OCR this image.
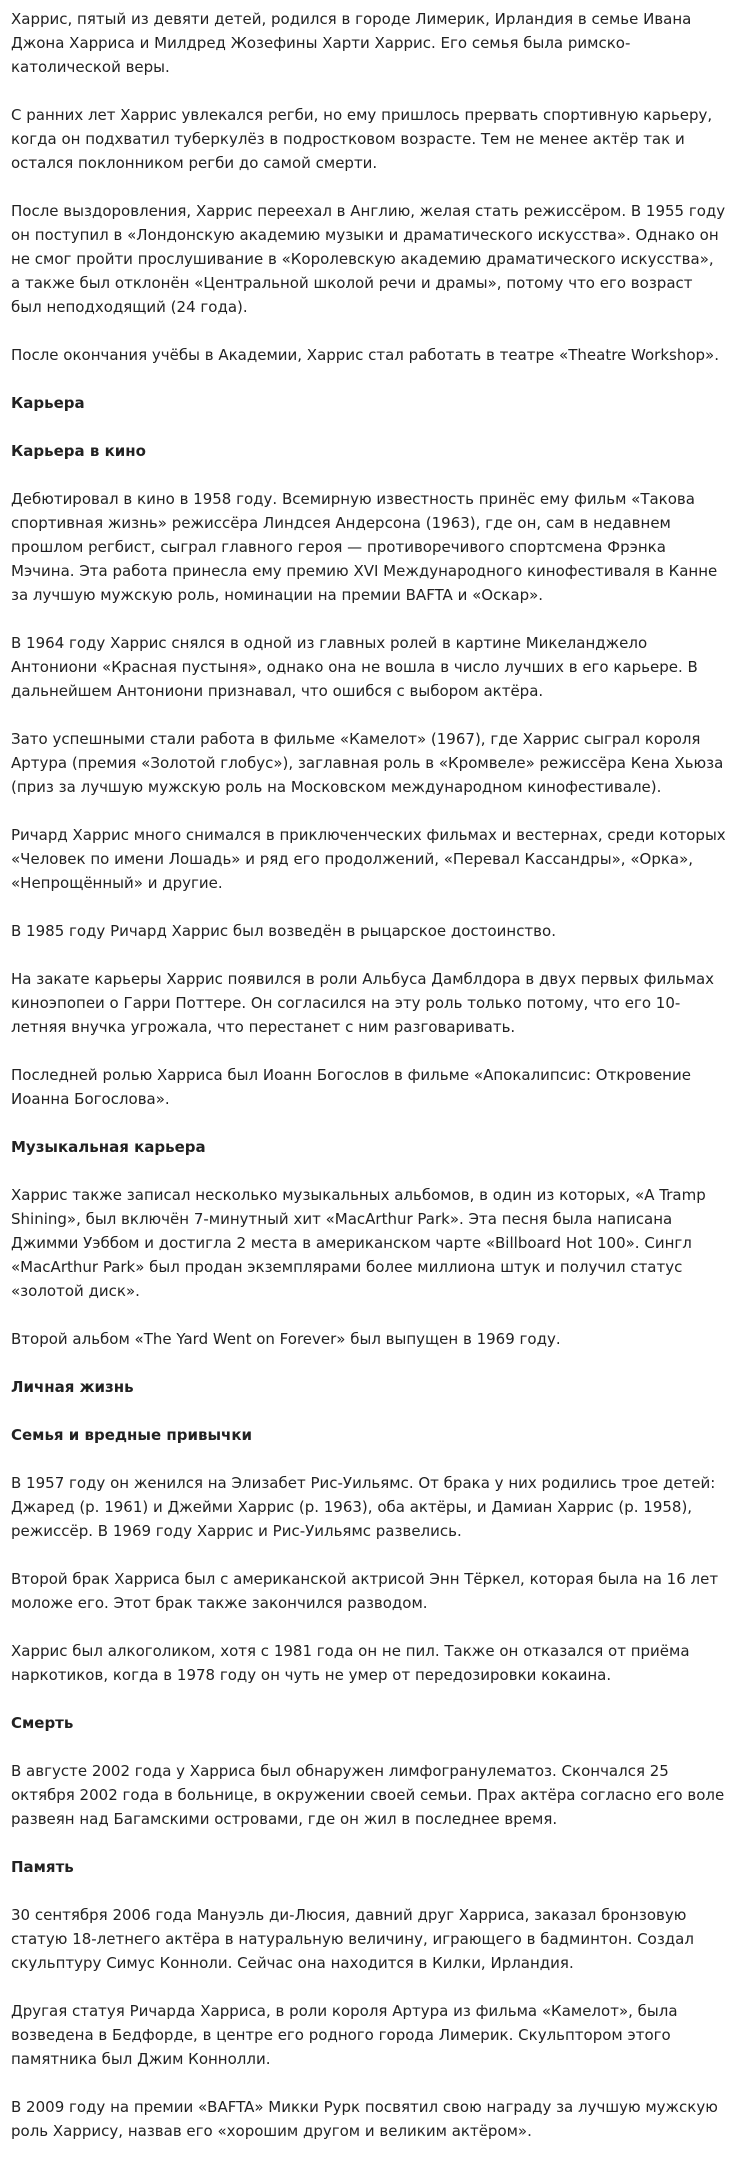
Харрис, пятый из девяти детей, родился в городе Лимерик, Ирландия в семье Ивана Джона Харриса и Милдред Жозефины Харти Харрис. Его семья была римско-католической веры.

С ранних лет Харрис увлекался регби, но ему пришлось прервать спортивную карьеру, когда он подхватил туберкулёз в подростковом возрасте. Тем не менее актёр так и остался поклонником регби до самой смерти.

После выздоровления, Харрис переехал в Англию, желая стать режиссёром. В 1955 году он поступил в «Лондонскую академию музыки и драматического искусства». Однако он не смог пройти прослушивание в «Королевскую академию драматического искусства», а также был отклонён «Центральной школой речи и драмы», потому что его возраст был неподходящий (24 года).

После окончания учёбы в Академии, Харрис стал работать в театре «Theatre Workshop».

Карьера
Карьера в кино

Дебютировал в кино в 1958 году. Всемирную известность принёс ему фильм «Такова спортивная жизнь» режиссёра Линдсея Андерсона (1963), где он, сам в недавнем прошлом регбист, сыграл главного героя — противоречивого спортсмена Фрэнка Мэчина. Эта работа принесла ему премию XVI Международного кинофестиваля в Канне за лучшую мужскую роль, номинации на премии BAFTA и «Оскар».

В 1964 году Харрис снялся в одной из главных ролей в картине Микеланджело Антониони «Красная пустыня», однако она не вошла в число лучших в его карьере. В дальнейшем Антониони признавал, что ошибся с выбором актёра.

Зато успешными стали работа в фильме «Камелот» (1967), где Харрис сыграл короля Артура (премия «Золотой глобус»), заглавная роль в «Кромвеле» режиссёра Кена Хьюза (приз за лучшую мужскую роль на Московском международном кинофестивале).

Ричард Харрис много снимался в приключенческих фильмах и вестернах, среди которых «Человек по имени Лошадь» и ряд его продолжений, «Перевал Кассандры», «Орка», «Непрощённый» и другие.

В 1985 году Ричард Харрис был возведён в рыцарское достоинство.

На закате карьеры Харрис появился в роли Альбуса Дамблдора в двух первых фильмах киноэпопеи о Гарри Поттере. Он согласился на эту роль только потому, что его 10-летняя внучка угрожала, что перестанет с ним разговаривать.

Последней ролью Харриса был Иоанн Богослов в фильме «Апокалипсис: Откровение Иоанна Богослова».

Музыкальная карьера

Харрис также записал несколько музыкальных альбомов, в один из которых, «A Tramp Shining», был включён 7-минутный хит «MacArthur Park». Эта песня была написана Джимми Уэббом и достигла 2 места в американском чарте «Billboard Hot 100». Сингл «MacArthur Park» был продан экземплярами более миллиона штук и получил статус «золотой диск».

Второй альбом «The Yard Went on Forever» был выпущен в 1969 году.

Личная жизнь
Семья и вредные привычки

В 1957 году он женился на Элизабет Рис-Уильямс. От брака у них родились трое детей: Джаред (р. 1961) и Джейми Харрис (р. 1963), оба актёры, и Дамиан Харрис (р. 1958), режиссёр. В 1969 году Харрис и Рис-Уильямс развелись.

Второй брак Харриса был с американской актрисой Энн Тёркел, которая была на 16 лет моложе его. Этот брак также закончился разводом.

Харрис был алкоголиком, хотя с 1981 года он не пил. Также он отказался от приёма наркотиков, когда в 1978 году он чуть не умер от передозировки кокаина.

Смерть

В августе 2002 года у Харриса был обнаружен лимфогранулематоз. Скончался 25 октября 2002 года в больнице, в окружении своей семьи. Прах актёра согласно его воле развеян над Багамскими островами, где он жил в последнее время.

Память

30 сентября 2006 года Мануэль ди-Люсия, давний друг Харриса, заказал бронзовую статую 18-летнего актёра в натуральную величину, играющего в бадминтон. Создал скульптуру Симус Конноли. Сейчас она находится в Килки, Ирландия.

Другая статуя Ричарда Харриса, в роли короля Артура из фильма «Камелот», была возведена в Бедфорде, в центре его родного города Лимерик. Скульптором этого памятника был Джим Коннолли.

В 2009 году на премии «BAFTA» Микки Рурк посвятил свою награду за лучшую мужскую роль Харрису, назвав его «хорошим другом и великим актёром».
